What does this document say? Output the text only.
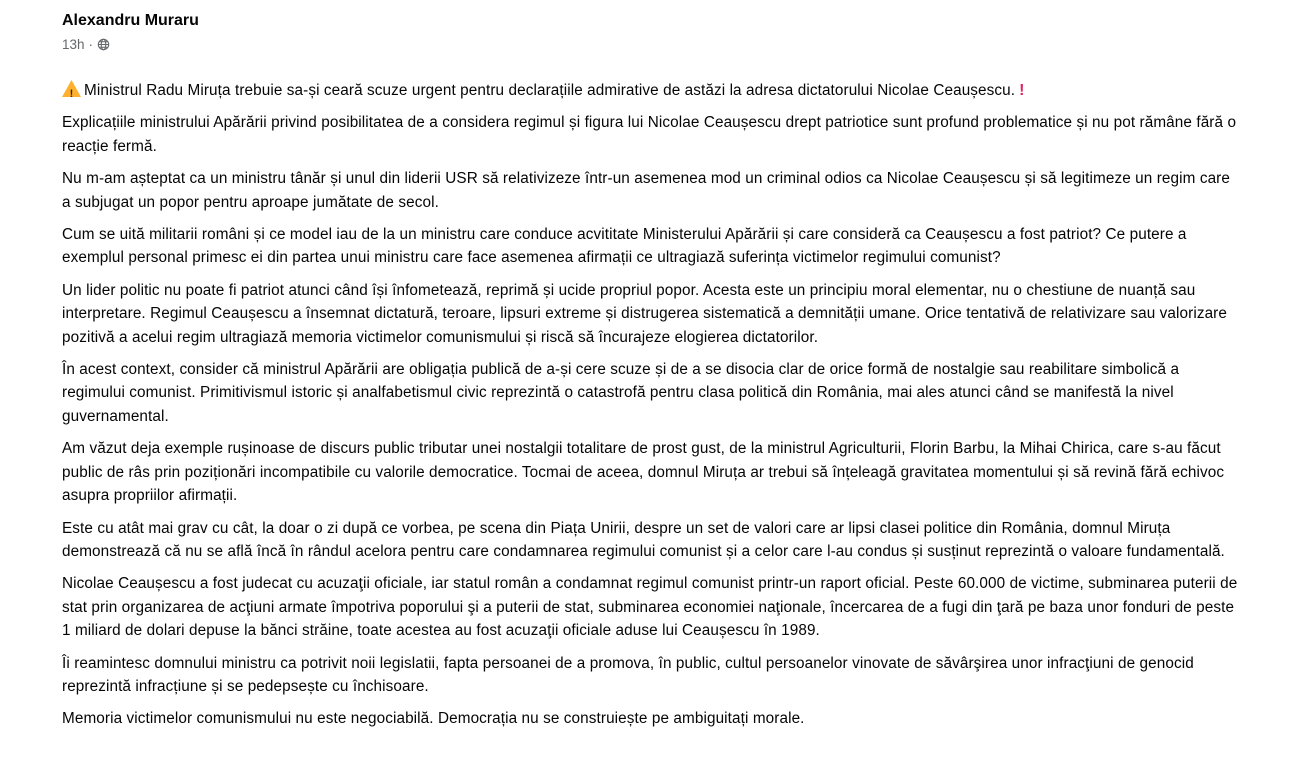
Alexandru Muraru
13h ·

!Ministrul Radu Miruța trebuie sa-și ceară scuze urgent pentru declarațiile admirative de astăzi la adresa dictatorului Nicolae Ceaușescu. !

Explicațiile ministrului Apărării privind posibilitatea de a considera regimul și figura lui Nicolae Ceaușescu drept patriotice sunt profund problematice și nu pot rămâne fără o reacție fermă.

Nu m-am așteptat ca un ministru tânăr și unul din liderii USR să relativizeze într-un asemenea mod un criminal odios ca Nicolae Ceaușescu și să legitimeze un regim care a subjugat un popor pentru aproape jumătate de secol.

Cum se uită militarii români și ce model iau de la un ministru care conduce acvititate Ministerului Apărării și care consideră ca Ceaușescu a fost patriot? Ce putere a exemplul personal primesc ei din partea unui ministru care face asemenea afirmații ce ultragiază suferința victimelor regimului comunist?

Un lider politic nu poate fi patriot atunci când își înfometează, reprimă și ucide propriul popor. Acesta este un principiu moral elementar, nu o chestiune de nuanță sau interpretare. Regimul Ceaușescu a însemnat dictatură, teroare, lipsuri extreme și distrugerea sistematică a demnității umane. Orice tentativă de relativizare sau valorizare pozitivă a acelui regim ultragiază memoria victimelor comunismului și riscă să încurajeze elogierea dictatorilor.

În acest context, consider că ministrul Apărării are obligația publică de a-și cere scuze și de a se disocia clar de orice formă de nostalgie sau reabilitare simbolică a regimului comunist. Primitivismul istoric și analfabetismul civic reprezintă o catastrofă pentru clasa politică din România, mai ales atunci când se manifestă la nivel guvernamental.

Am văzut deja exemple rușinoase de discurs public tributar unei nostalgii totalitare de prost gust, de la ministrul Agriculturii, Florin Barbu, la Mihai Chirica, care s-au făcut public de râs prin poziționări incompatibile cu valorile democratice. Tocmai de aceea, domnul Miruța ar trebui să înțeleagă gravitatea momentului și să revină fără echivoc asupra propriilor afirmații.

Este cu atât mai grav cu cât, la doar o zi după ce vorbea, pe scena din Piața Unirii, despre un set de valori care ar lipsi clasei politice din România, domnul Miruța demonstrează că nu se află încă în rândul acelora pentru care condamnarea regimului comunist și a celor care l-au condus și susținut reprezintă o valoare fundamentală.

Nicolae Ceaușescu a fost judecat cu acuzaţii oficiale, iar statul român a condamnat regimul comunist printr-un raport oficial. Peste 60.000 de victime, subminarea puterii de stat prin organizarea de acţiuni armate împotriva poporului şi a puterii de stat, subminarea economiei naţionale, încercarea de a fugi din ţară pe baza unor fonduri de peste 1 miliard de dolari depuse la bănci străine, toate acestea au fost acuzaţii oficiale aduse lui Ceaușescu în 1989.

Îi reamintesc domnului ministru ca potrivit noii legislatii, fapta persoanei de a promova, în public, cultul persoanelor vinovate de săvârşirea unor infracţiuni de genocid reprezintă infracțiune și se pedepsește cu închisoare.

Memoria victimelor comunismului nu este negociabilă. Democrația nu se construiește pe ambiguitați morale.
